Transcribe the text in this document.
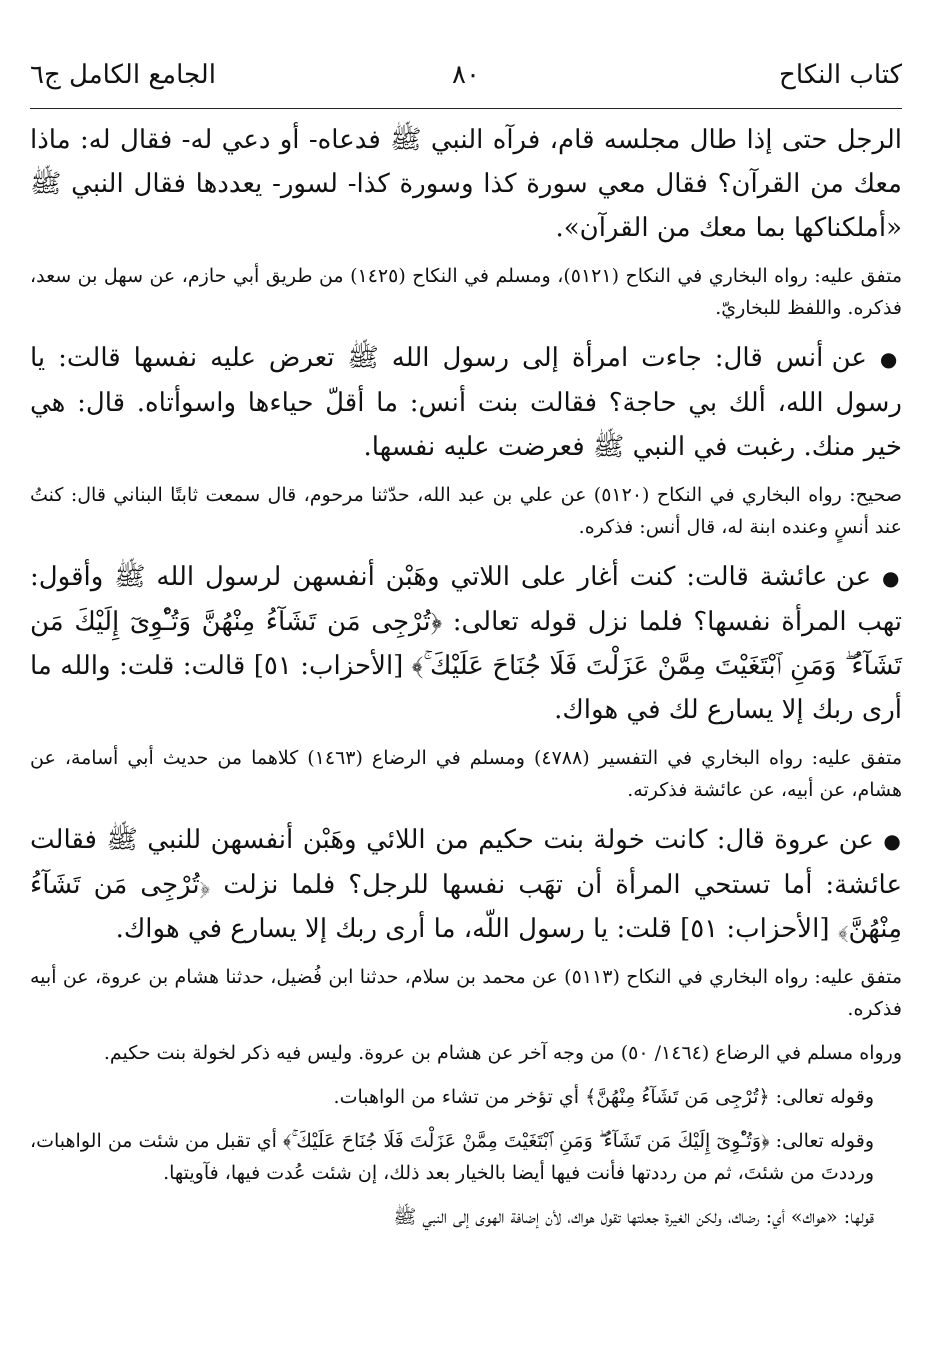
كتاب النكاح
٨٠
الجامع الكامل ج٦

الرجل حتى إذا طال مجلسه قام، فرآه النبي ﷺ فدعاه- أو دعي له- فقال له: ماذا معك من القرآن؟ فقال معي سورة كذا وسورة كذا- لسور- يعددها فقال النبي ﷺ «أملكناكها بما معك من القرآن».

متفق عليه: رواه البخاري في النكاح (٥١٢١)، ومسلم في النكاح (١٤٢٥) من طريق أبي حازم، عن سهل بن سعد، فذكره. واللفظ للبخاريّ.

● عن أنس قال: جاءت امرأة إلى رسول الله ﷺ تعرض عليه نفسها قالت: يا رسول الله، ألك بي حاجة؟ فقالت بنت أنس: ما أقلّ حياءها واسوأتاه. قال: هي خير منك. رغبت في النبي ﷺ فعرضت عليه نفسها.

صحيح: رواه البخاري في النكاح (٥١٢٠) عن علي بن عبد الله، حدّثنا مرحوم، قال سمعت ثابتًا البناني قال: كنتُ عند أنسٍ وعنده ابنة له، قال أنس: فذكره.

● عن عائشة قالت: كنت أغار على اللاتي وهَبْن أنفسهن لرسول الله ﷺ وأقول: تهب المرأة نفسها؟ فلما نزل قوله تعالى: ﴿تُرْجِى مَن تَشَآءُ مِنْهُنَّ وَتُـْٔوِىٓ إِلَيْكَ مَن تَشَآءُ ۖ وَمَنِ ٱبْتَغَيْتَ مِمَّنْ عَزَلْتَ فَلَا جُنَاحَ عَلَيْكَ ۚ﴾ [الأحزاب: ٥١] قالت: قلت: والله ما أرى ربك إلا يسارع لك في هواك.

متفق عليه: رواه البخاري في التفسير (٤٧٨٨) ومسلم في الرضاع (١٤٦٣) كلاهما من حديث أبي أسامة، عن هشام، عن أبيه، عن عائشة فذكرته.

● عن عروة قال: كانت خولة بنت حكيم من اللائي وهَبْن أنفسهن للنبي ﷺ فقالت عائشة: أما تستحي المرأة أن تهَب نفسها للرجل؟ فلما نزلت ﴿تُرْجِى مَن تَشَآءُ مِنْهُنَّ﴾ [الأحزاب: ٥١] قلت: يا رسول اللّه، ما أرى ربك إلا يسارع في هواك.

متفق عليه: رواه البخاري في النكاح (٥١١٣) عن محمد بن سلام، حدثنا ابن فُضيل، حدثنا هشام بن عروة، عن أبيه فذكره.

ورواه مسلم في الرضاع (١٤٦٤/ ٥٠) من وجه آخر عن هشام بن عروة. وليس فيه ذكر لخولة بنت حكيم.

وقوله تعالى: ﴿تُرْجِى مَن تَشَآءُ مِنْهُنَّ﴾ أي تؤخر من تشاء من الواهبات.

وقوله تعالى: ﴿وَتُـْٔوِىٓ إِلَيْكَ مَن تَشَآءُ ۖ وَمَنِ ٱبْتَغَيْتَ مِمَّنْ عَزَلْتَ فَلَا جُنَاحَ عَلَيْكَ ۚ﴾ أي تقبل من شئت من الواهبات، ورددتَ من شئتَ، ثم من رددتها فأنت فيها أيضا بالخيار بعد ذلك، إن شئت عُدت فيها، فآويتها.

قولها: «هواك» أي: رضاك، ولكن الغيرة جعلتها تقول هواك، لأن إضافة الهوى إلى النبي ﷺ
